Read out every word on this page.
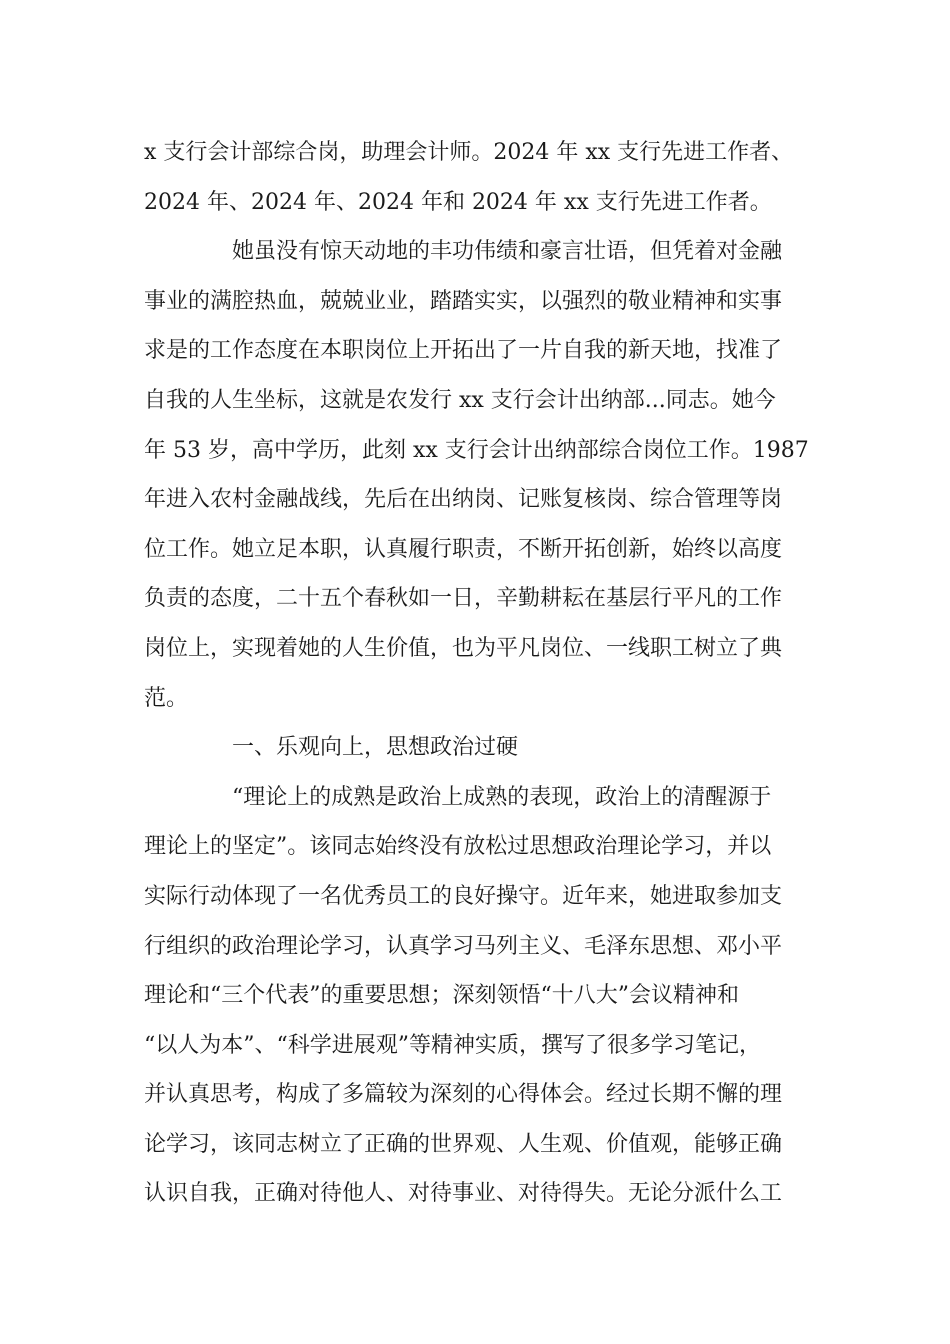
x 支行会计部综合岗，助理会计师。2024 年 xx 支行先进工作者、
2024 年、2024 年、2024 年和 2024 年 xx 支行先进工作者。
她虽没有惊天动地的丰功伟绩和豪言壮语，但凭着对金融
事业的满腔热血，兢兢业业，踏踏实实，以强烈的敬业精神和实事
求是的工作态度在本职岗位上开拓出了一片自我的新天地，找准了
自我的人生坐标，这就是农发行 xx 支行会计出纳部...同志。她今
年 53 岁，高中学历，此刻 xx 支行会计出纳部综合岗位工作。1987
年进入农村金融战线，先后在出纳岗、记账复核岗、综合管理等岗
位工作。她立足本职，认真履行职责，不断开拓创新，始终以高度
负责的态度，二十五个春秋如一日，辛勤耕耘在基层行平凡的工作
岗位上，实现着她的人生价值，也为平凡岗位、一线职工树立了典
范。
一、乐观向上，思想政治过硬
“理论上的成熟是政治上成熟的表现，政治上的清醒源于
理论上的坚定”。该同志始终没有放松过思想政治理论学习，并以
实际行动体现了一名优秀员工的良好操守。近年来，她进取参加支
行组织的政治理论学习，认真学习马列主义、毛泽东思想、邓小平
理论和“三个代表”的重要思想；深刻领悟“十八大”会议精神和
“以人为本”、“科学进展观”等精神实质，撰写了很多学习笔记，
并认真思考，构成了多篇较为深刻的心得体会。经过长期不懈的理
论学习，该同志树立了正确的世界观、人生观、价值观，能够正确
认识自我，正确对待他人、对待事业、对待得失。无论分派什么工
